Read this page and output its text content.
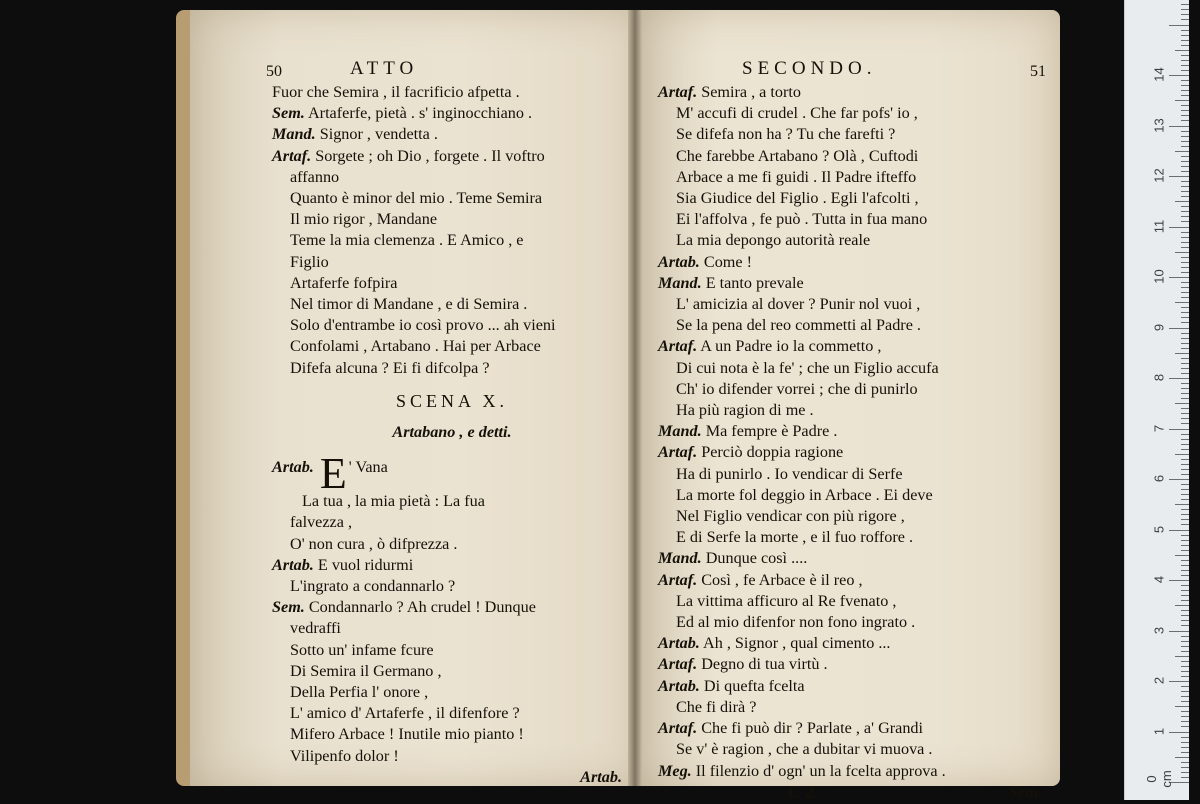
50	ATTO
Fuor che Semira , il facrificio afpetta .
Sem. Artaferfe, pietà . s' inginocchiano .
Mand. Signor , vendetta .
Artaf. Sorgete ; oh Dio , forgete . Il voftro
affanno
Quanto è minor del mio . Teme Semira
Il mio rigor , Mandane
Teme la mia clemenza . E Amico , e
Figlio
Artaferfe fofpira
Nel timor di Mandane , e di Semira .
Solo d'entrambe io così provo ... ah vieni
Confolami , Artabano . Hai per Arbace
Difefa alcuna ? Ei fi difcolpa ?
SCENA X.
Artabano , e detti.
Artab. E ' Vana
La tua , la mia pietà : La fua
falvezza ,
O' non cura , ò difprezza .
Artab. E vuol ridurmi
L'ingrato a condannarlo ?
Sem. Condannarlo ? Ah crudel ! Dunque
vedraffi
Sotto un' infame fcure
Di Semira il Germano ,
Della Perfia l' onore ,
L' amico d' Artaferfe , il difenfore ?
Mifero Arbace ! Inutile mio pianto !
Vilipenfo dolor !
Artab.
SECONDO.	51
Artaf. Semira , a torto
M' accufi di crudel . Che far pofs' io ,
Se difefa non ha ? Tu che farefti ?
Che farebbe Artabano ? Olà , Cuftodi
Arbace a me fi guidi . Il Padre ifteffo
Sia Giudice del Figlio . Egli l'afcolti ,
Ei l'affolva , fe può . Tutta in fua mano
La mia depongo autorità reale
Artab. Come !
Mand. E tanto prevale
L' amicizia al dover ? Punir nol vuoi ,
Se la pena del reo commetti al Padre .
Artaf. A un Padre io la commetto ,
Di cui nota è la fe' ; che un Figlio accufa
Ch' io difender vorrei ; che di punirlo
Ha più ragion di me .
Mand. Ma fempre è Padre .
Artaf. Perciò doppia ragione
Ha di punirlo . Io vendicar di Serfe
La morte fol deggio in Arbace . Ei deve
Nel Figlio vendicar con più rigore ,
E di Serfe la morte , e il fuo roffore .
Mand. Dunque così ....
Artaf. Così , fe Arbace è il reo ,
La vittima afficuro al Re fvenato ,
Ed al mio difenfor non fono ingrato .
Artab. Ah , Signor , qual cimento ...
Artaf. Degno di tua virtù .
Artab. Di quefta fcelta
Che fi dirà ?
Artaf. Che fi può dir ? Parlate , a' Grandi
Se v' è ragion , che a dubitar vi muova .
Meg. Il filenzio d' ogn' un la fcelta approva .
C 2	Sem.
0 cm
1
2
3
4
5
6
7
8
9
10
11
12
13
14
